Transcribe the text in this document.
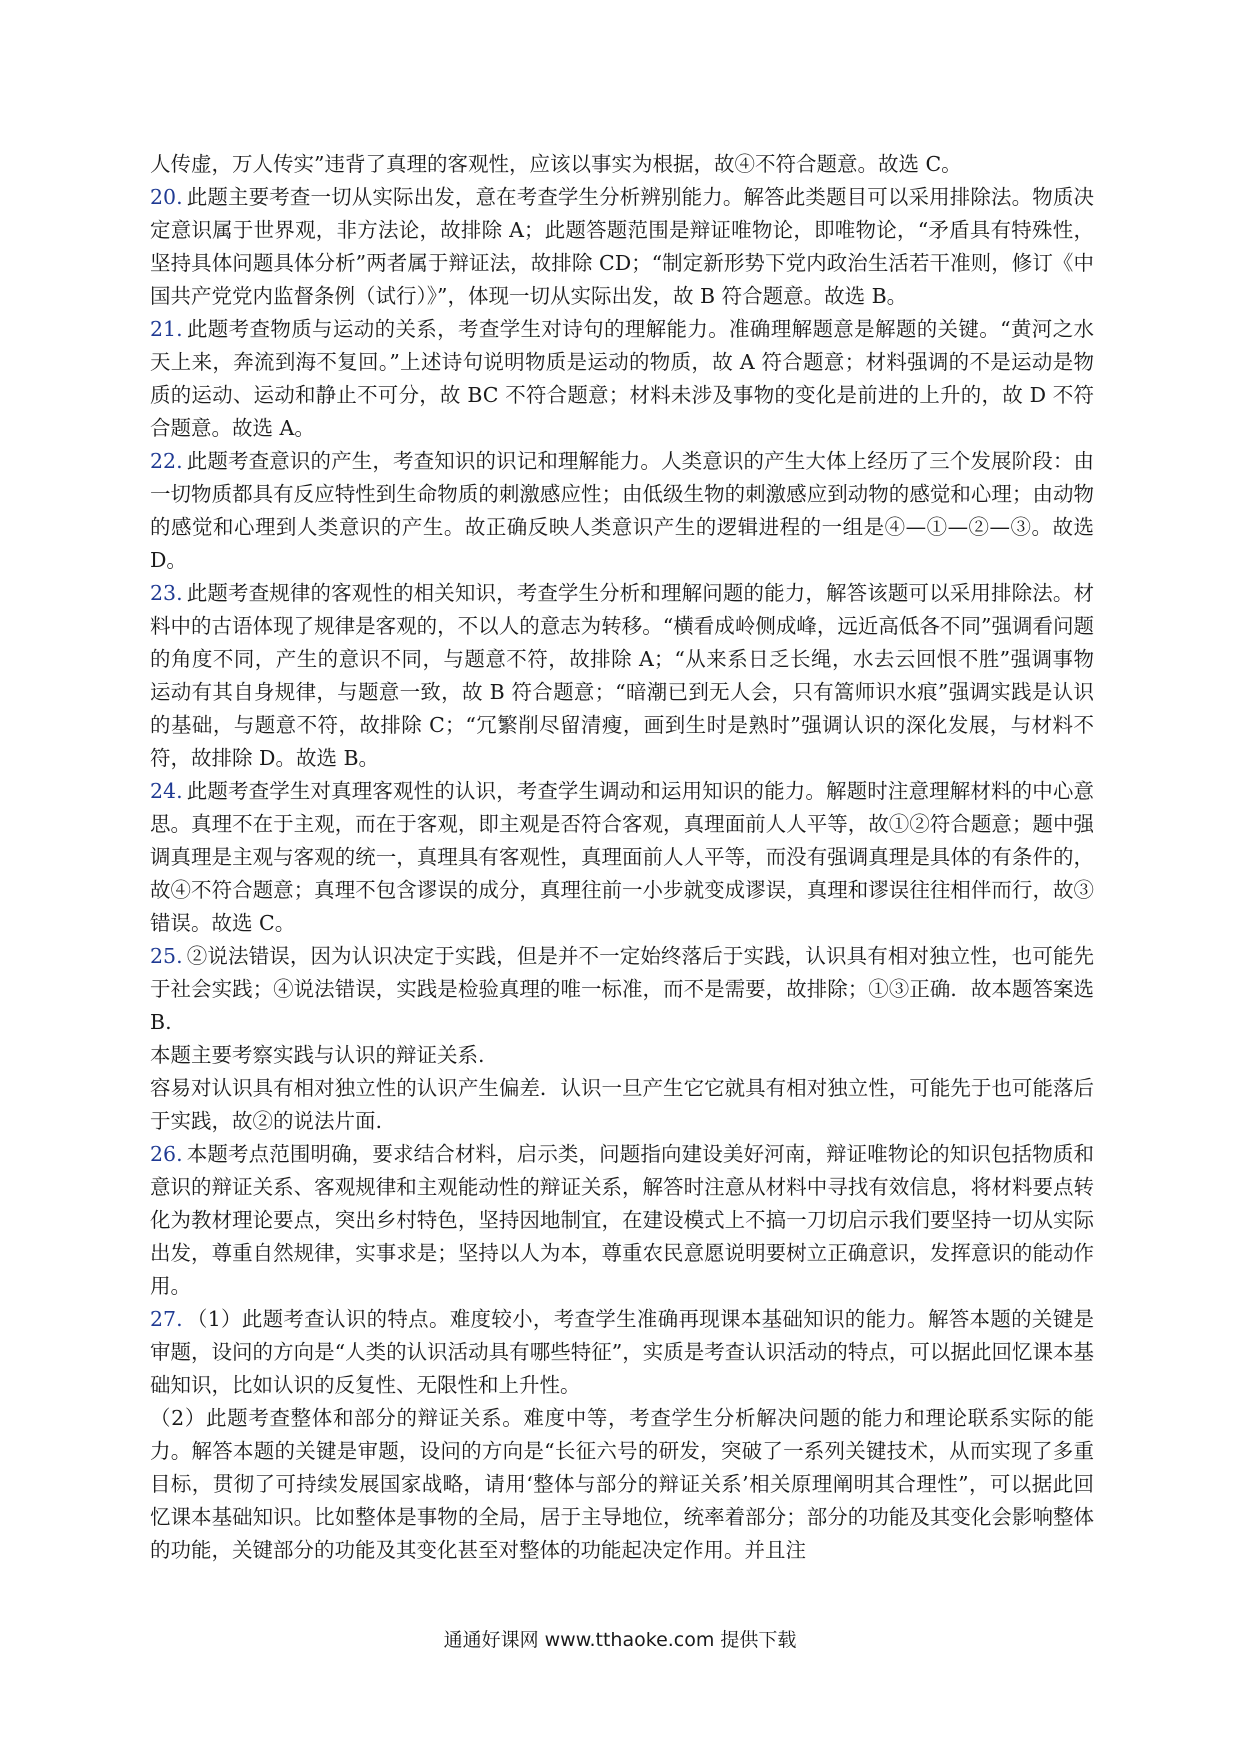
人传虚，万人传实”违背了真理的客观性，应该以事实为根据，故④不符合题意。故选 C。

20. 此题主要考查一切从实际出发，意在考查学生分析辨别能力。解答此类题目可以采用排除法。物质决定意识属于世界观，非方法论，故排除 A；此题答题范围是辩证唯物论，即唯物论，“矛盾具有特殊性，坚持具体问题具体分析”两者属于辩证法，故排除 CD；“制定新形势下党内政治生活若干准则，修订《中国共产党党内监督条例（试行）》”，体现一切从实际出发，故 B 符合题意。故选 B。

21. 此题考查物质与运动的关系，考查学生对诗句的理解能力。准确理解题意是解题的关键。“黄河之水天上来，奔流到海不复回。”上述诗句说明物质是运动的物质，故 A 符合题意；材料强调的不是运动是物质的运动、运动和静止不可分，故 BC 不符合题意；材料未涉及事物的变化是前进的上升的，故 D 不符合题意。故选 A。

22. 此题考查意识的产生，考查知识的识记和理解能力。人类意识的产生大体上经历了三个发展阶段：由一切物质都具有反应特性到生命物质的刺激感应性；由低级生物的刺激感应到动物的感觉和心理；由动物的感觉和心理到人类意识的产生。故正确反映人类意识产生的逻辑进程的一组是④—①—②—③。故选 D。

23. 此题考查规律的客观性的相关知识，考查学生分析和理解问题的能力，解答该题可以采用排除法。材料中的古语体现了规律是客观的，不以人的意志为转移。“横看成岭侧成峰，远近高低各不同”强调看问题的角度不同，产生的意识不同，与题意不符，故排除 A；“从来系日乏长绳，水去云回恨不胜”强调事物运动有其自身规律，与题意一致，故 B 符合题意；“暗潮已到无人会，只有篙师识水痕”强调实践是认识的基础，与题意不符，故排除 C；“冗繁削尽留清瘦，画到生时是熟时”强调认识的深化发展，与材料不符，故排除 D。故选 B。

24. 此题考查学生对真理客观性的认识，考查学生调动和运用知识的能力。解题时注意理解材料的中心意思。真理不在于主观，而在于客观，即主观是否符合客观，真理面前人人平等，故①②符合题意；题中强调真理是主观与客观的统一，真理具有客观性，真理面前人人平等，而没有强调真理是具体的有条件的，故④不符合题意；真理不包含谬误的成分，真理往前一小步就变成谬误，真理和谬误往往相伴而行，故③错误。故选 C。

25. ②说法错误，因为认识决定于实践，但是并不一定始终落后于实践，认识具有相对独立性，也可能先于社会实践；④说法错误，实践是检验真理的唯一标准，而不是需要，故排除；①③正确．故本题答案选 B.

本题主要考察实践与认识的辩证关系.

容易对认识具有相对独立性的认识产生偏差．认识一旦产生它它就具有相对独立性，可能先于也可能落后于实践，故②的说法片面.

26. 本题考点范围明确，要求结合材料，启示类，问题指向建设美好河南，辩证唯物论的知识包括物质和意识的辩证关系、客观规律和主观能动性的辩证关系，解答时注意从材料中寻找有效信息，将材料要点转化为教材理论要点，突出乡村特色，坚持因地制宜，在建设模式上不搞一刀切启示我们要坚持一切从实际出发，尊重自然规律，实事求是；坚持以人为本，尊重农民意愿说明要树立正确意识，发挥意识的能动作用。

27. （1）此题考查认识的特点。难度较小，考查学生准确再现课本基础知识的能力。解答本题的关键是审题，设问的方向是“人类的认识活动具有哪些特征”，实质是考查认识活动的特点，可以据此回忆课本基础知识，比如认识的反复性、无限性和上升性。

（2）此题考查整体和部分的辩证关系。难度中等，考查学生分析解决问题的能力和理论联系实际的能力。解答本题的关键是审题，设问的方向是“长征六号的研发，突破了一系列关键技术，从而实现了多重目标，贯彻了可持续发展国家战略，请用‘整体与部分的辩证关系’相关原理阐明其合理性”，可以据此回忆课本基础知识。比如整体是事物的全局，居于主导地位，统率着部分；部分的功能及其变化会影响整体的功能，关键部分的功能及其变化甚至对整体的功能起决定作用。并且注

通通好课网 www.tthaoke.com 提供下载
